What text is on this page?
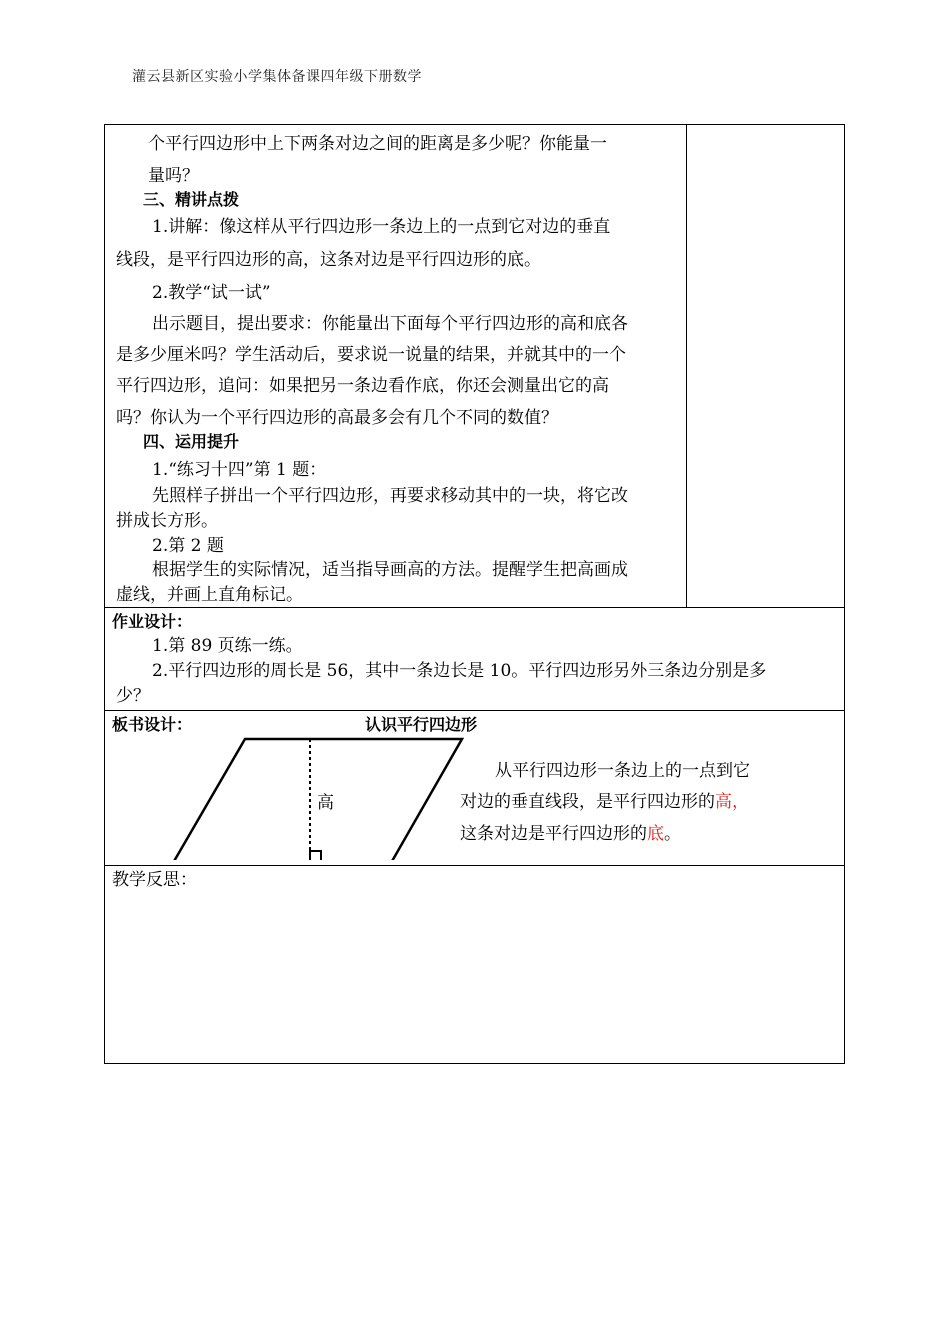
灌云县新区实验小学集体备课四年级下册数学
个平行四边形中上下两条对边之间的距离是多少呢？你能量一
量吗？
三、精讲点拨
1.讲解：像这样从平行四边形一条边上的一点到它对边的垂直
线段，是平行四边形的高，这条对边是平行四边形的底。
2.教学“试一试”
出示题目，提出要求：你能量出下面每个平行四边形的高和底各
是多少厘米吗？学生活动后，要求说一说量的结果，并就其中的一个
平行四边形，追问：如果把另一条边看作底，你还会测量出它的高
吗？你认为一个平行四边形的高最多会有几个不同的数值？
四、运用提升
1.“练习十四”第 1 题：
先照样子拼出一个平行四边形，再要求移动其中的一块，将它改
拼成长方形。
2.第 2 题
根据学生的实际情况，适当指导画高的方法。提醒学生把高画成
虚线，并画上直角标记。
作业设计：
1.第 89 页练一练。
2.平行四边形的周长是 56，其中一条边长是 10。平行四边形另外三条边分别是多
少？
板书设计：	认识平行四边形
高
从平行四边形一条边上的一点到它
对边的垂直线段，是平行四边形的高，
这条对边是平行四边形的底。
教学反思：
